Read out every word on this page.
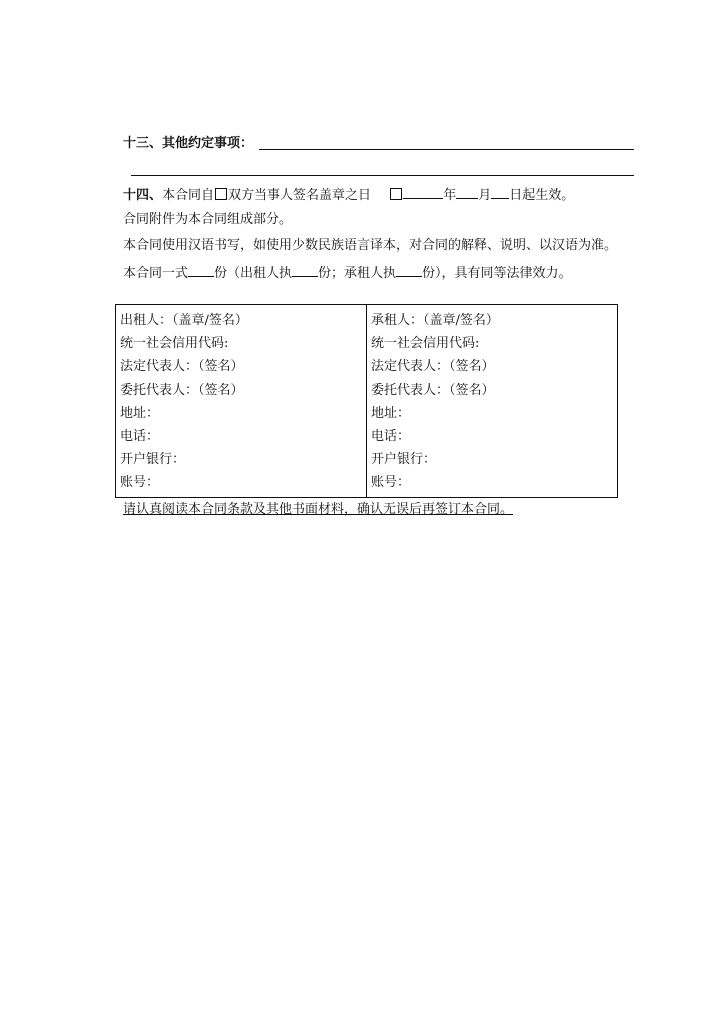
十三、其他约定事项：
十四、本合同自 双方当事人签名盖章之日	年 月 日起生效。
合同附件为本合同组成部分。
本合同使用汉语书写，如使用少数民族语言译本，对合同的解释、说明、以汉语为准。
本合同一式 份（出租人执 份；承租人执 份），具有同等法律效力。
出租人：（盖章/签名）
统一社会信用代码:
法定代表人：（签名）
委托代表人：（签名）
地址：
电话：
开户银行：
账号：

承租人：（盖章/签名）
统一社会信用代码:
法定代表人：（签名）
委托代表人：（签名）
地址：
电话：
开户银行：
账号：
请认真阅读本合同条款及其他书面材料，确认无误后再签订本合同。
